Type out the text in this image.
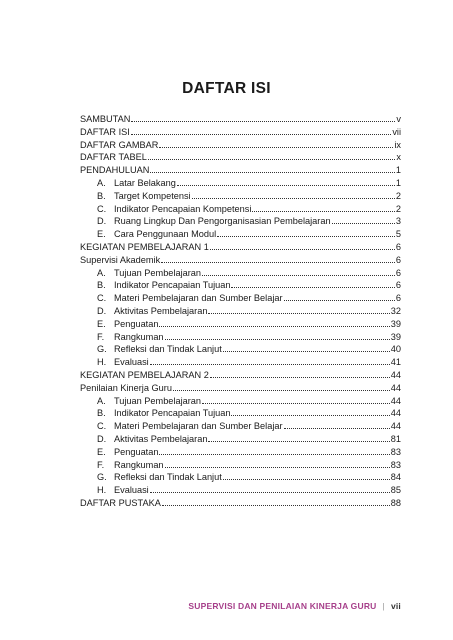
DAFTAR ISI
SAMBUTAN	v
DAFTAR ISI	vii
DAFTAR GAMBAR	ix
DAFTAR TABEL	x
PENDAHULUAN	1
A. Latar Belakang	1
B. Target Kompetensi	2
C. Indikator Pencapaian Kompetensi	2
D. Ruang Lingkup Dan Pengorganisasian Pembelajaran	3
E. Cara Penggunaan Modul	5
KEGIATAN PEMBELAJARAN 1	6
Supervisi Akademik	6
A. Tujuan Pembelajaran	6
B. Indikator Pencapaian Tujuan	6
C. Materi Pembelajaran dan Sumber Belajar	6
D. Aktivitas Pembelajaran	32
E. Penguatan	39
F.	Rangkuman	39
G. Refleksi dan Tindak Lanjut	40
H. Evaluasi	41
KEGIATAN PEMBELAJARAN 2	44
Penilaian Kinerja Guru	44
A. Tujuan Pembelajaran	44
B. Indikator Pencapaian Tujuan	44
C. Materi Pembelajaran dan Sumber Belajar	44
D. Aktivitas Pembelajaran	81
E. Penguatan	83
F.	Rangkuman	83
G. Refleksi dan Tindak Lanjut	84
H. Evaluasi	85
DAFTAR PUSTAKA	88
SUPERVISI DAN PENILAIAN KINERJA GURU | vii
